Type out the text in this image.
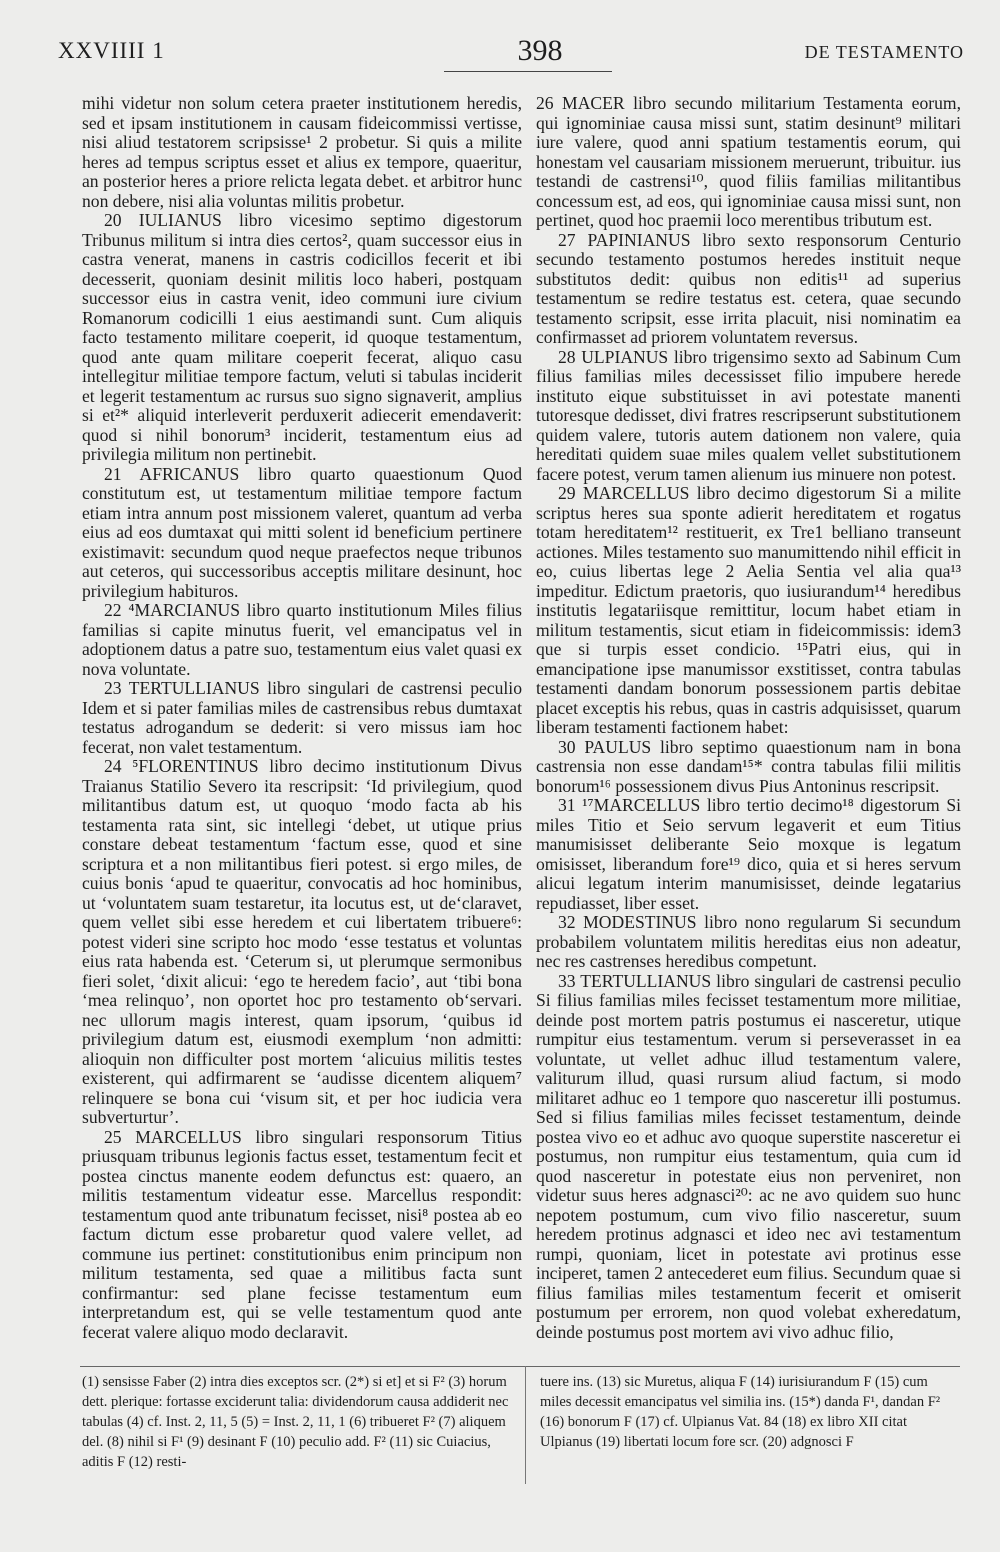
XXVIIII 1	398	DE TESTAMENTO

mihi videtur non solum cetera praeter institutionem heredis, sed et ipsam institutionem in causam fideicommissi vertisse, nisi aliud testatorem scripsisse¹ 2 probetur. Si quis a milite heres ad tempus scriptus esset et alius ex tempore, quaeritur, an posterior heres a priore relicta legata debet. et arbitror hunc non debere, nisi alia voluntas militis probetur.

20 IULIANUS libro vicesimo septimo digestorum Tribunus militum si intra dies certos², quam successor eius in castra venerat, manens in castris codicillos fecerit et ibi decesserit, quoniam desinit militis loco haberi, postquam successor eius in castra venit, ideo communi iure civium Romanorum codicilli 1 eius aestimandi sunt. Cum aliquis facto testamento militare coeperit, id quoque testamentum, quod ante quam militare coeperit fecerat, aliquo casu intellegitur militiae tempore factum, veluti si tabulas inciderit et legerit testamentum ac rursus suo signo signaverit, amplius si et²* aliquid interleverit perduxerit adiecerit emendaverit: quod si nihil bonorum³ inciderit, testamentum eius ad privilegia militum non pertinebit.

21 AFRICANUS libro quarto quaestionum Quod constitutum est, ut testamentum militiae tempore factum etiam intra annum post missionem valeret, quantum ad verba eius ad eos dumtaxat qui mitti solent id beneficium pertinere existimavit: secundum quod neque praefectos neque tribunos aut ceteros, qui successoribus acceptis militare desinunt, hoc privilegium habituros.

22 ⁴MARCIANUS libro quarto institutionum Miles filius familias si capite minutus fuerit, vel emancipatus vel in adoptionem datus a patre suo, testamentum eius valet quasi ex nova voluntate.

23 TERTULLIANUS libro singulari de castrensi peculio Idem et si pater familias miles de castrensibus rebus dumtaxat testatus adrogandum se dederit: si vero missus iam hoc fecerat, non valet testamentum.

24 ⁵FLORENTINUS libro decimo institutionum Divus Traianus Statilio Severo ita rescripsit: ‘Id privilegium, quod militantibus datum est, ut quoquo ‘modo facta ab his testamenta rata sint, sic intellegi ‘debet, ut utique prius constare debeat testamentum ‘factum esse, quod et sine scriptura et a non militantibus fieri potest. si ergo miles, de cuius bonis ‘apud te quaeritur, convocatis ad hoc hominibus, ut ‘voluntatem suam testaretur, ita locutus est, ut de‘claravet, quem vellet sibi esse heredem et cui libertatem tribuere⁶: potest videri sine scripto hoc modo ‘esse testatus et voluntas eius rata habenda est. ‘Ceterum si, ut plerumque sermonibus fieri solet, ‘dixit alicui: ‘ego te heredem facio’, aut ‘tibi bona ‘mea relinquo’, non oportet hoc pro testamento ob‘servari. nec ullorum magis interest, quam ipsorum, ‘quibus id privilegium datum est, eiusmodi exemplum ‘non admitti: alioquin non difficulter post mortem ‘alicuius militis testes existerent, qui adfirmarent se ‘audisse dicentem aliquem⁷ relinquere se bona cui ‘visum sit, et per hoc iudicia vera subverturtur’.

25 MARCELLUS libro singulari responsorum Titius priusquam tribunus legionis factus esset, testamentum fecit et postea cinctus manente eodem defunctus est: quaero, an militis testamentum videatur esse. Marcellus respondit: testamentum quod ante tribunatum fecisset, nisi⁸ postea ab eo factum dictum esse probaretur quod valere vellet, ad commune ius pertinet: constitutionibus enim principum non militum testamenta, sed quae a militibus facta sunt confirmantur: sed plane fecisse testamentum eum interpretandum est, qui se velle testamentum quod ante fecerat valere aliquo modo declaravit.

26 MACER libro secundo militarium Testamenta eorum, qui ignominiae causa missi sunt, statim desinunt⁹ militari iure valere, quod anni spatium testamentis eorum, qui honestam vel causariam missionem meruerunt, tribuitur. ius testandi de castrensi¹⁰, quod filiis familias militantibus concessum est, ad eos, qui ignominiae causa missi sunt, non pertinet, quod hoc praemii loco merentibus tributum est.

27 PAPINIANUS libro sexto responsorum Centurio secundo testamento postumos heredes instituit neque substitutos dedit: quibus non editis¹¹ ad superius testamentum se redire testatus est. cetera, quae secundo testamento scripsit, esse irrita placuit, nisi nominatim ea confirmasset ad priorem voluntatem reversus.

28 ULPIANUS libro trigensimo sexto ad Sabinum Cum filius familias miles decessisset filio impubere herede instituto eique substituisset in avi potestate manenti tutoresque dedisset, divi fratres rescripserunt substitutionem quidem valere, tutoris autem dationem non valere, quia hereditati quidem suae miles qualem vellet substitutionem facere potest, verum tamen alienum ius minuere non potest.

29 MARCELLUS libro decimo digestorum Si a milite scriptus heres sua sponte adierit hereditatem et rogatus totam hereditatem¹² restituerit, ex Tre1 belliano transeunt actiones. Miles testamento suo manumittendo nihil efficit in eo, cuius libertas lege 2 Aelia Sentia vel alia qua¹³ impeditur. Edictum praetoris, quo iusiurandum¹⁴ heredibus institutis legatariisque remittitur, locum habet etiam in militum testamentis, sicut etiam in fideicommissis: idem3 que si turpis esset condicio. ¹⁵Patri eius, qui in emancipatione ipse manumissor exstitisset, contra tabulas testamenti dandam bonorum possessionem partis debitae placet exceptis his rebus, quas in castris adquisisset, quarum liberam testamenti factionem habet:

30 PAULUS libro septimo quaestionum nam in bona castrensia non esse dandam¹⁵* contra tabulas filii militis bonorum¹⁶ possessionem divus Pius Antoninus rescripsit.

31 ¹⁷MARCELLUS libro tertio decimo¹⁸ digestorum Si miles Titio et Seio servum legaverit et eum Titius manumisisset deliberante Seio moxque is legatum omisisset, liberandum fore¹⁹ dico, quia et si heres servum alicui legatum interim manumisisset, deinde legatarius repudiasset, liber esset.

32 MODESTINUS libro nono regularum Si secundum probabilem voluntatem militis hereditas eius non adeatur, nec res castrenses heredibus competunt.

33 TERTULLIANUS libro singulari de castrensi peculio Si filius familias miles fecisset testamentum more militiae, deinde post mortem patris postumus ei nasceretur, utique rumpitur eius testamentum. verum si perseverasset in ea voluntate, ut vellet adhuc illud testamentum valere, valiturum illud, quasi rursum aliud factum, si modo militaret adhuc eo 1 tempore quo nasceretur illi postumus. Sed si filius familias miles fecisset testamentum, deinde postea vivo eo et adhuc avo quoque superstite nasceretur ei postumus, non rumpitur eius testamentum, quia cum id quod nasceretur in potestate eius non perveniret, non videtur suus heres adgnasci²⁰: ac ne avo quidem suo hunc nepotem postumum, cum vivo filio nasceretur, suum heredem protinus adgnasci et ideo nec avi testamentum rumpi, quoniam, licet in potestate avi protinus esse inciperet, tamen 2 antecederet eum filius. Secundum quae si filius familias miles testamentum fecerit et omiserit postumum per errorem, non quod volebat exheredatum, deinde postumus post mortem avi vivo adhuc filio,

(1) sensisse Faber (2) intra dies exceptos scr. (2*) si et] et si F² (3) horum dett. plerique: fortasse exciderunt talia: dividendorum causa addiderit nec tabulas (4) cf. Inst. 2, 11, 5 (5) = Inst. 2, 11, 1 (6) tribueret F² (7) aliquem del. (8) nihil si F¹ (9) desinant F (10) peculio add. F² (11) sic Cuiacius, aditis F (12) resti-

tuere ins. (13) sic Muretus, aliqua F (14) iurisiurandum F (15) cum miles decessit emancipatus vel similia ins. (15*) danda F¹, dandan F² (16) bonorum F (17) cf. Ulpianus Vat. 84 (18) ex libro XII citat Ulpianus (19) libertati locum fore scr. (20) adgnosci F
